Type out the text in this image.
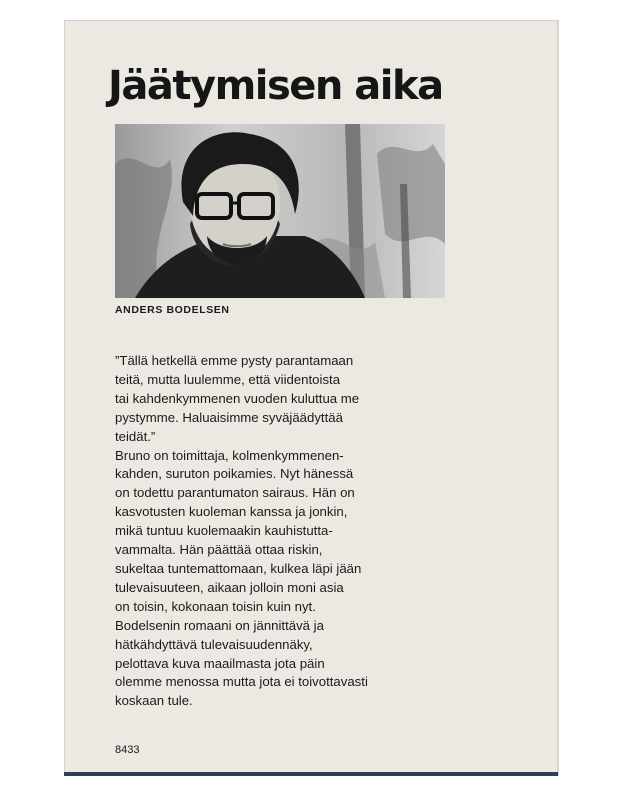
Jäätymisen aika

ANDERS BODELSEN

”Tällä hetkellä emme pysty parantamaan
teitä, mutta luulemme, että viidentoista
tai kahdenkymmenen vuoden kuluttua me
pystymme. Haluaisimme syväjäädyttää
teidät.”
Bruno on toimittaja, kolmenkymmenen-
kahden, suruton poikamies. Nyt hänessä
on todettu parantumaton sairaus. Hän on
kasvotusten kuoleman kanssa ja jonkin,
mikä tuntuu kuolemaakin kauhistutta-
vammalta. Hän päättää ottaa riskin,
sukeltaa tuntemattomaan, kulkea läpi jään
tulevaisuuteen, aikaan jolloin moni asia
on toisin, kokonaan toisin kuin nyt.
Bodelsenin romaani on jännittävä ja
hätkähdyttävä tulevaisuudennäky,
pelottava kuva maailmasta jota päin
olemme menossa mutta jota ei toivottavasti
koskaan tule.

8433
